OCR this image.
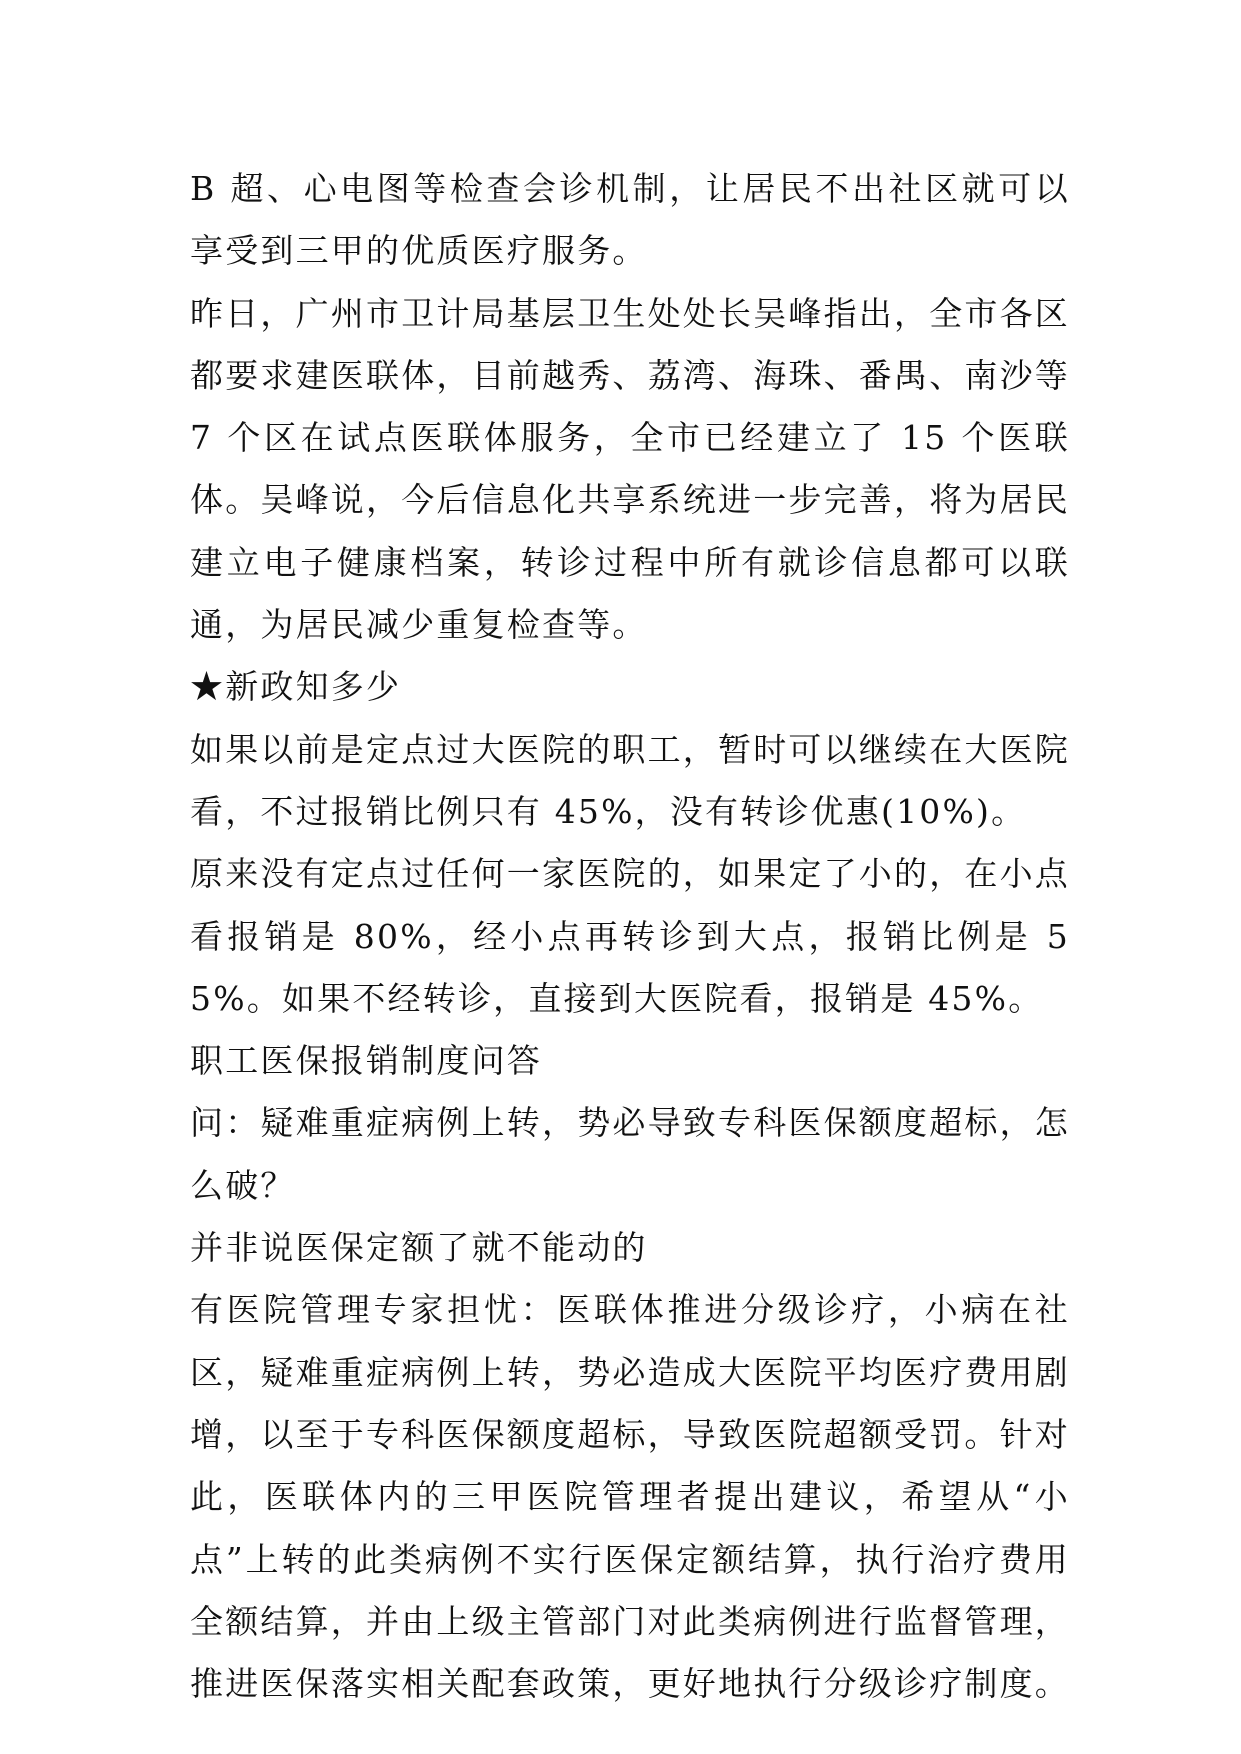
B 超、心电图等检查会诊机制，让居民不出社区就可以享受到三甲的优质医疗服务。

昨日，广州市卫计局基层卫生处处长吴峰指出，全市各区都要求建医联体，目前越秀、荔湾、海珠、番禺、南沙等 7 个区在试点医联体服务，全市已经建立了 15 个医联体。吴峰说，今后信息化共享系统进一步完善，将为居民建立电子健康档案，转诊过程中所有就诊信息都可以联通，为居民减少重复检查等。

★新政知多少

如果以前是定点过大医院的职工，暂时可以继续在大医院看，不过报销比例只有 45%，没有转诊优惠(10%)。

原来没有定点过任何一家医院的，如果定了小的，在小点看报销是 80%，经小点再转诊到大点，报销比例是 55%。如果不经转诊，直接到大医院看，报销是 45%。

职工医保报销制度问答

问：疑难重症病例上转，势必导致专科医保额度超标，怎么破？

并非说医保定额了就不能动的

有医院管理专家担忧：医联体推进分级诊疗，小病在社区，疑难重症病例上转，势必造成大医院平均医疗费用剧增，以至于专科医保额度超标，导致医院超额受罚。针对此，医联体内的三甲医院管理者提出建议，希望从“小点”上转的此类病例不实行医保定额结算，执行治疗费用全额结算，并由上级主管部门对此类病例进行监督管理，推进医保落实相关配套政策，更好地执行分级诊疗制度。
